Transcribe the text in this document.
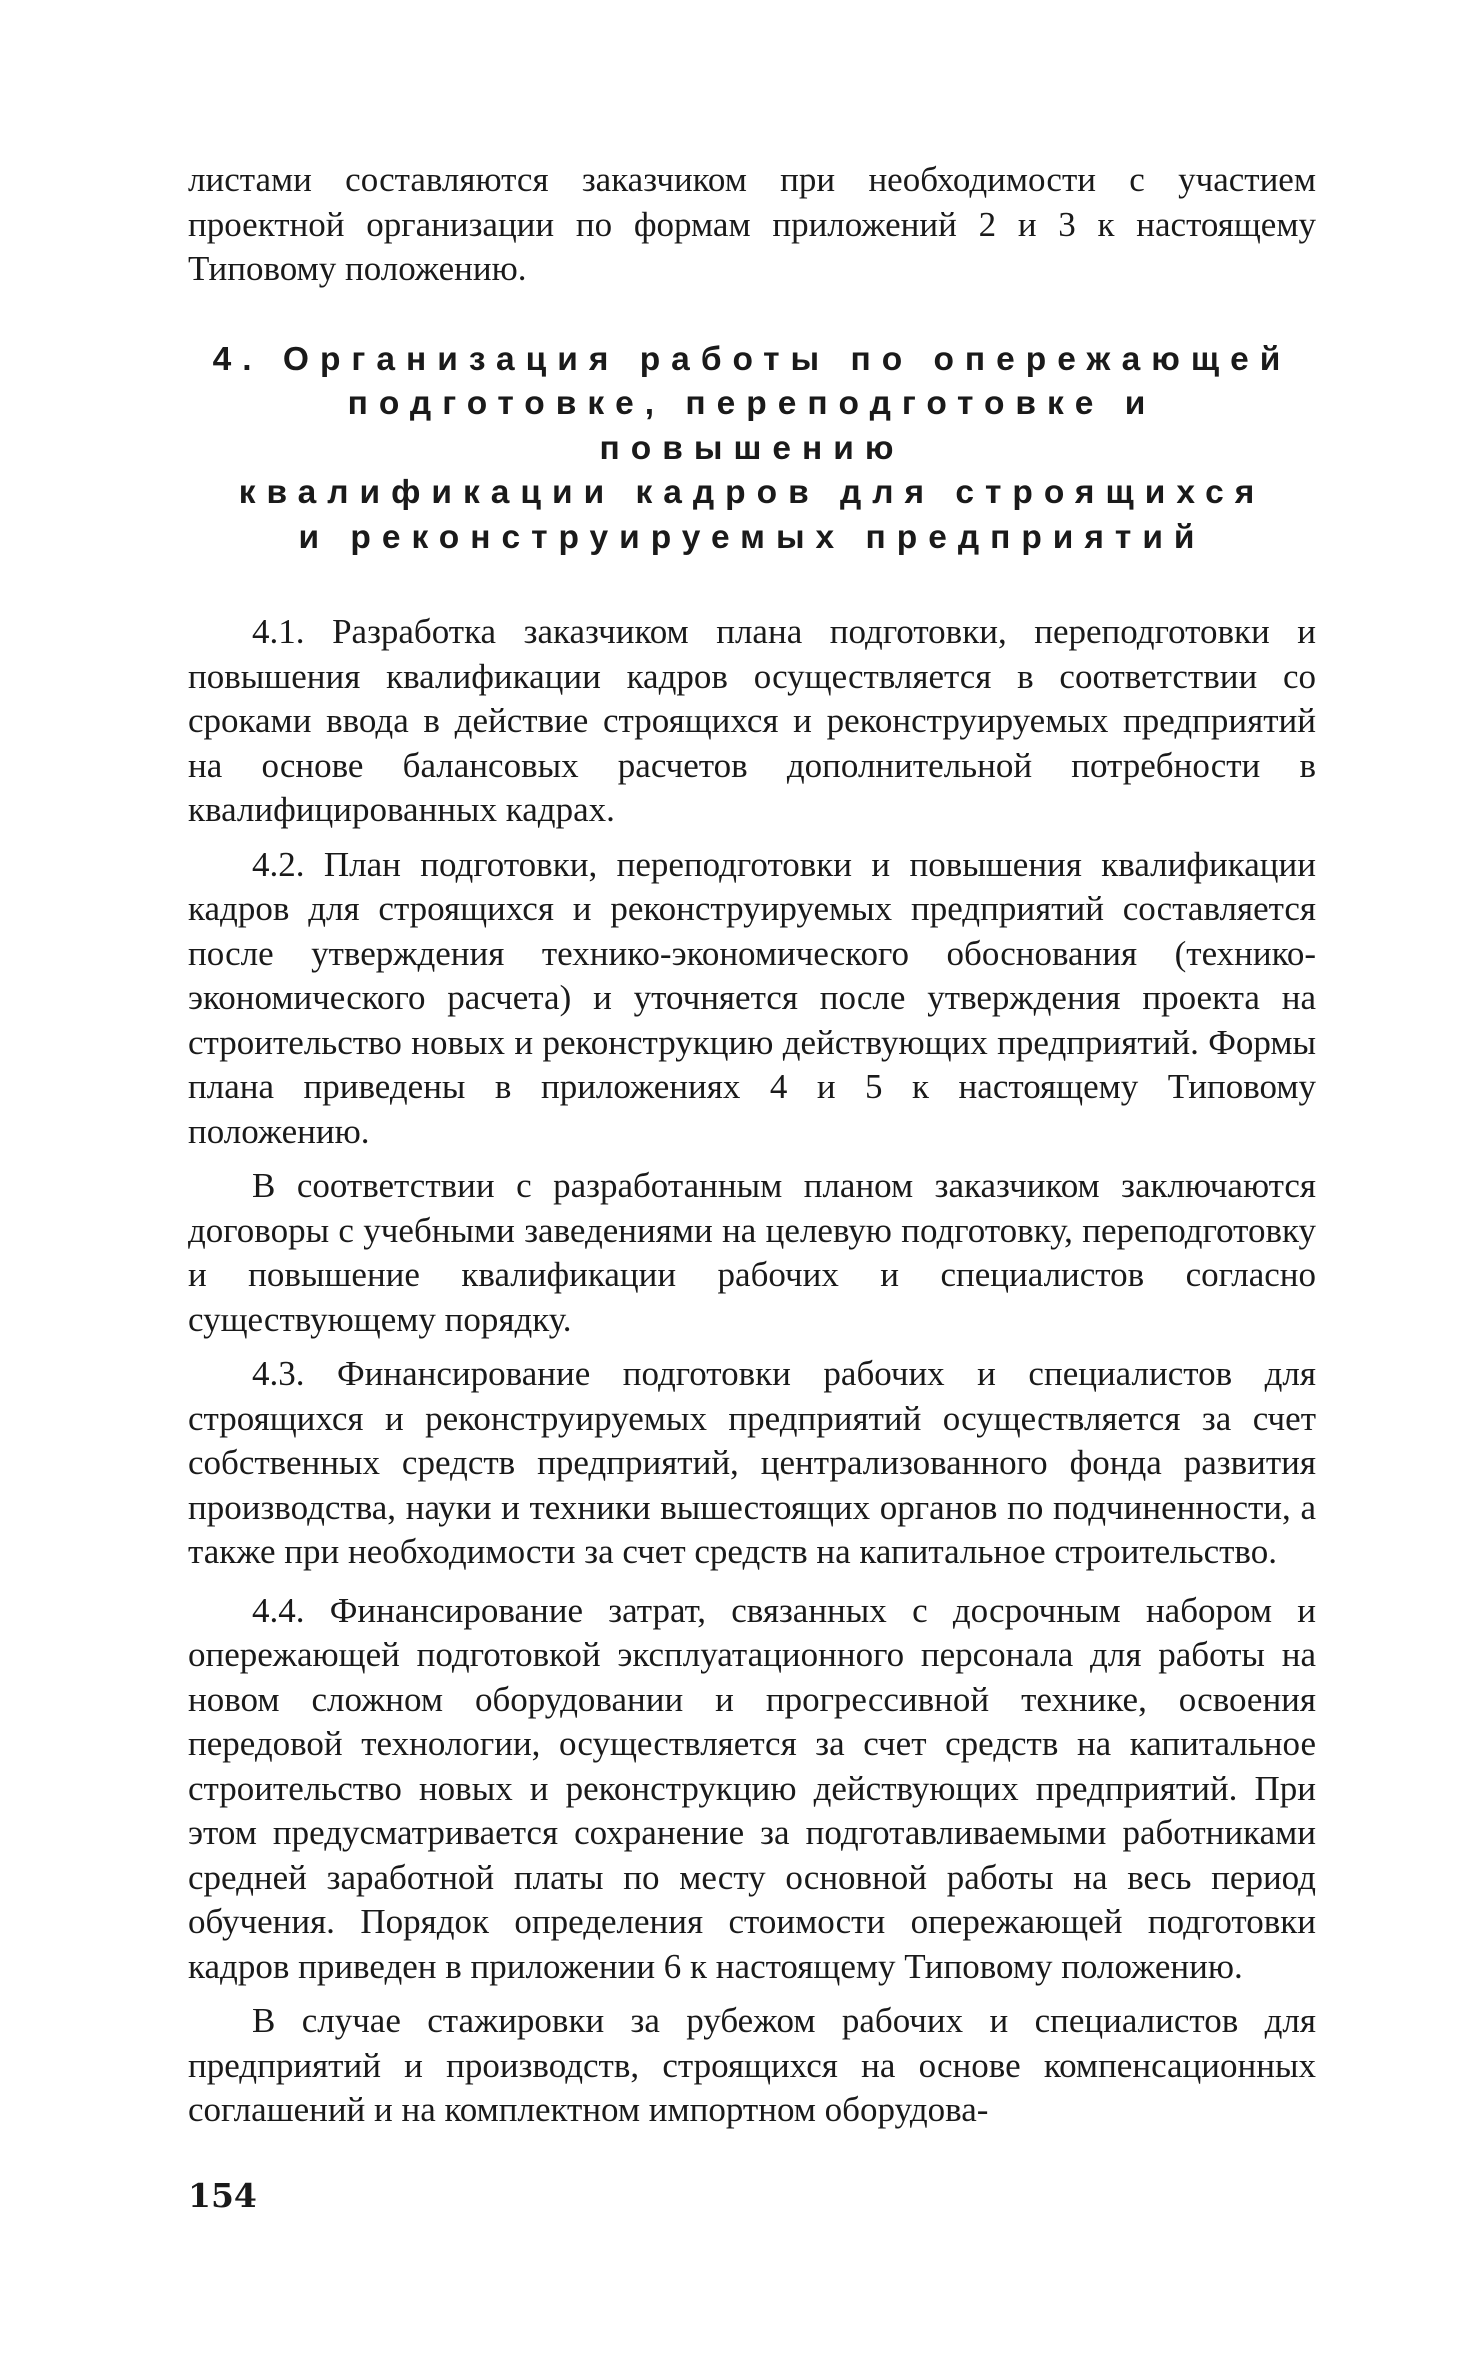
листами составляются заказчиком при необходимости с участием проектной организации по формам приложений 2 и 3 к настоящему Типовому положению.

4. Организация работы по опережающей
подготовке, переподготовке и повышению
квалификации кадров для строящихся
и реконструируемых предприятий

4.1. Разработка заказчиком плана подготовки, переподготовки и повышения квалификации кадров осуществляется в соответствии со сроками ввода в действие строящихся и реконструируемых предприятий на основе балансовых расчетов дополнительной потребности в квалифицированных кадрах.

4.2. План подготовки, переподготовки и повышения квалификации кадров для строящихся и реконструируемых предприятий составляется после утверждения технико-экономического обоснования (технико-экономического расчета) и уточняется после утверждения проекта на строительство новых и реконструкцию действующих предприятий. Формы плана приведены в приложениях 4 и 5 к настоящему Типовому положению.

В соответствии с разработанным планом заказчиком заключаются договоры с учебными заведениями на целевую подготовку, переподготовку и повышение квалификации рабочих и специалистов согласно существующему порядку.

4.3. Финансирование подготовки рабочих и специалистов для строящихся и реконструируемых предприятий осуществляется за счет собственных средств предприятий, централизованного фонда развития производства, науки и техники вышестоящих органов по подчиненности, а также при необходимости за счет средств на капитальное строительство.

4.4. Финансирование затрат, связанных с досрочным набором и опережающей подготовкой эксплуатационного персонала для работы на новом сложном оборудовании и прогрессивной технике, освоения передовой технологии, осуществляется за счет средств на капитальное строительство новых и реконструкцию действующих предприятий. При этом предусматривается сохранение за подготавливаемыми работниками средней заработной платы по месту основной работы на весь период обучения. Порядок определения стоимости опережающей подготовки кадров приведен в приложении 6 к настоящему Типовому положению.

В случае стажировки за рубежом рабочих и специалистов для предприятий и производств, строящихся на основе компенсационных соглашений и на комплектном импортном оборудова-

154
